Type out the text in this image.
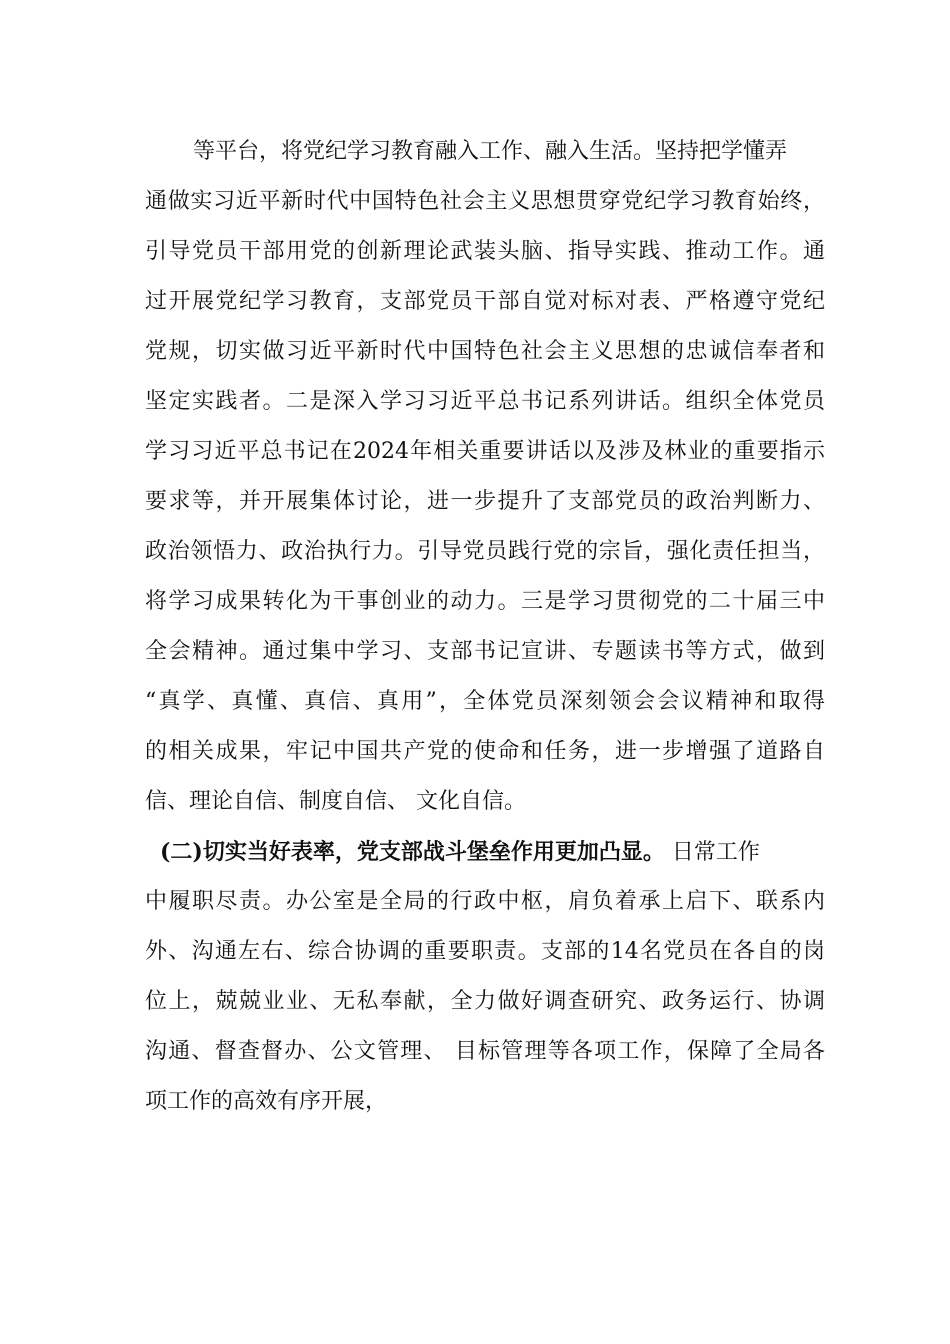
等平台，将党纪学习教育融入工作、融入生活。坚持把学懂弄
通做实习近平新时代中国特色社会主义思想贯穿党纪学习教育始终，
引导党员干部用党的创新理论武装头脑、指导实践、推动工作。通
过开展党纪学习教育，支部党员干部自觉对标对表、严格遵守党纪
党规，切实做习近平新时代中国特色社会主义思想的忠诚信奉者和
坚定实践者。二是深入学习习近平总书记系列讲话。组织全体党员
学习习近平总书记在2024年相关重要讲话以及涉及林业的重要指示
要求等，并开展集体讨论，进一步提升了支部党员的政治判断力、
政治领悟力、政治执行力。引导党员践行党的宗旨，强化责任担当，
将学习成果转化为干事创业的动力。三是学习贯彻党的二十届三中
全会精神。通过集中学习、支部书记宣讲、专题读书等方式，做到
“真学、真懂、真信、真用”，全体党员深刻领会会议精神和取得
的相关成果，牢记中国共产党的使命和任务，进一步增强了道路自
信、理论自信、制度自信、 文化自信。
(二)切实当好表率，党支部战斗堡垒作用更加凸显。 日常工作
中履职尽责。办公室是全局的行政中枢，肩负着承上启下、联系内
外、沟通左右、综合协调的重要职责。支部的14名党员在各自的岗
位上，兢兢业业、无私奉献，全力做好调查研究、政务运行、协调
沟通、督查督办、公文管理、 目标管理等各项工作，保障了全局各
项工作的高效有序开展，
